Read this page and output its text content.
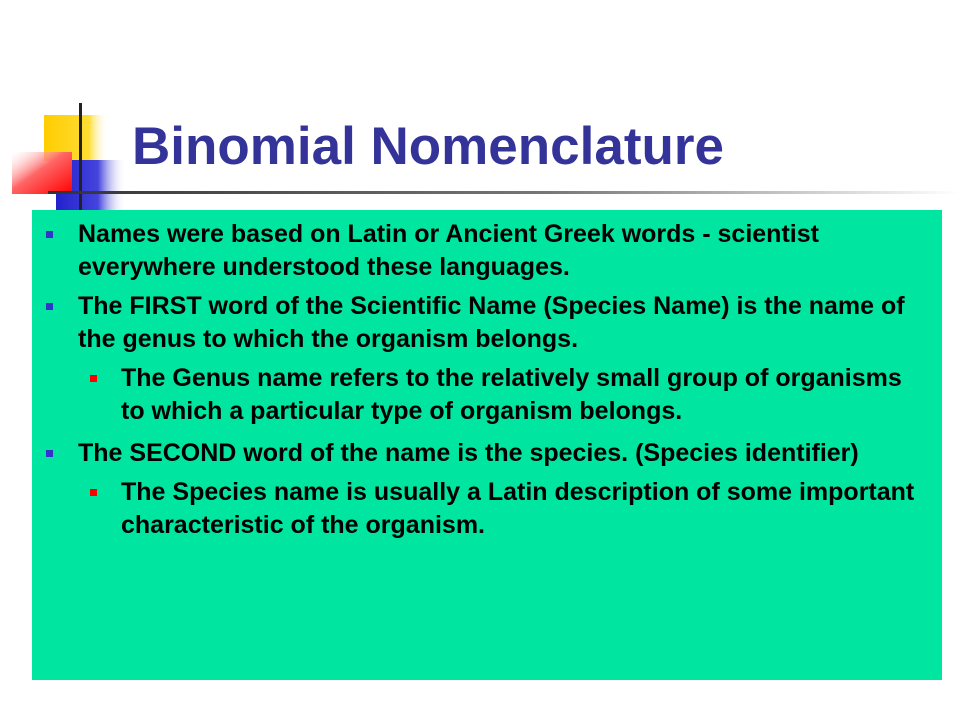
Binomial Nomenclature
Names were based on Latin or Ancient Greek words - scientist everywhere understood these languages.
The FIRST word of the Scientific Name (Species Name) is the name of the genus to which the organism belongs.
The Genus name refers to the relatively small group of organisms to which a particular type of organism belongs.
The SECOND word of the name is the species. (Species identifier)
The Species name is usually a Latin description of some important characteristic of the organism.
